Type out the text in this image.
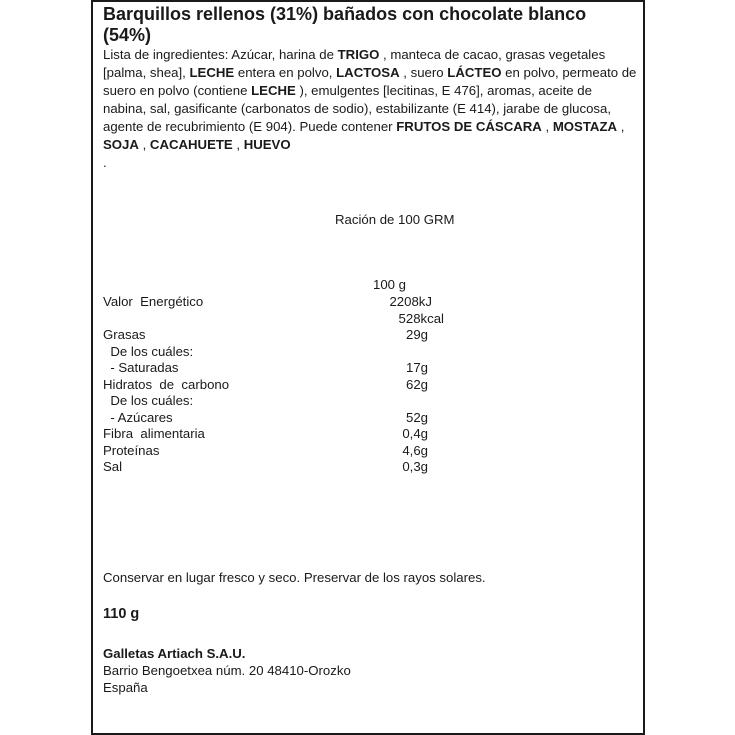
Barquillos rellenos (31%) bañados con chocolate blanco (54%)

Lista de ingredientes: Azúcar, harina de TRIGO , manteca de cacao, grasas vegetales [palma, shea], LECHE entera en polvo, LACTOSA , suero LÁCTEO en polvo, permeato de suero en polvo (contiene LECHE ), emulgentes [lecitinas, E 476], aromas, aceite de nabina, sal, gasificante (carbonatos de sodio), estabilizante (E 414), jarabe de glucosa, agente de recubrimiento (E 904). Puede contener FRUTOS DE CÁSCARA , MOSTAZA , SOJA , CACAHUETE , HUEVO
.

Ración de 100 GRM
100 g
Valor  Energético	2208kJ
528kcal
Grasas	29g
De los cuáles:
- Saturadas	17g
Hidratos  de  carbono	62g
De los cuáles:
- Azúcares	52g
Fibra  alimentaria	0,4g
Proteínas	4,6g
Sal	0,3g
Conservar en lugar fresco y seco. Preservar de los rayos solares.
110 g
Galletas Artiach S.A.U.
Barrio Bengoetxea núm. 20 48410-Orozko
España
